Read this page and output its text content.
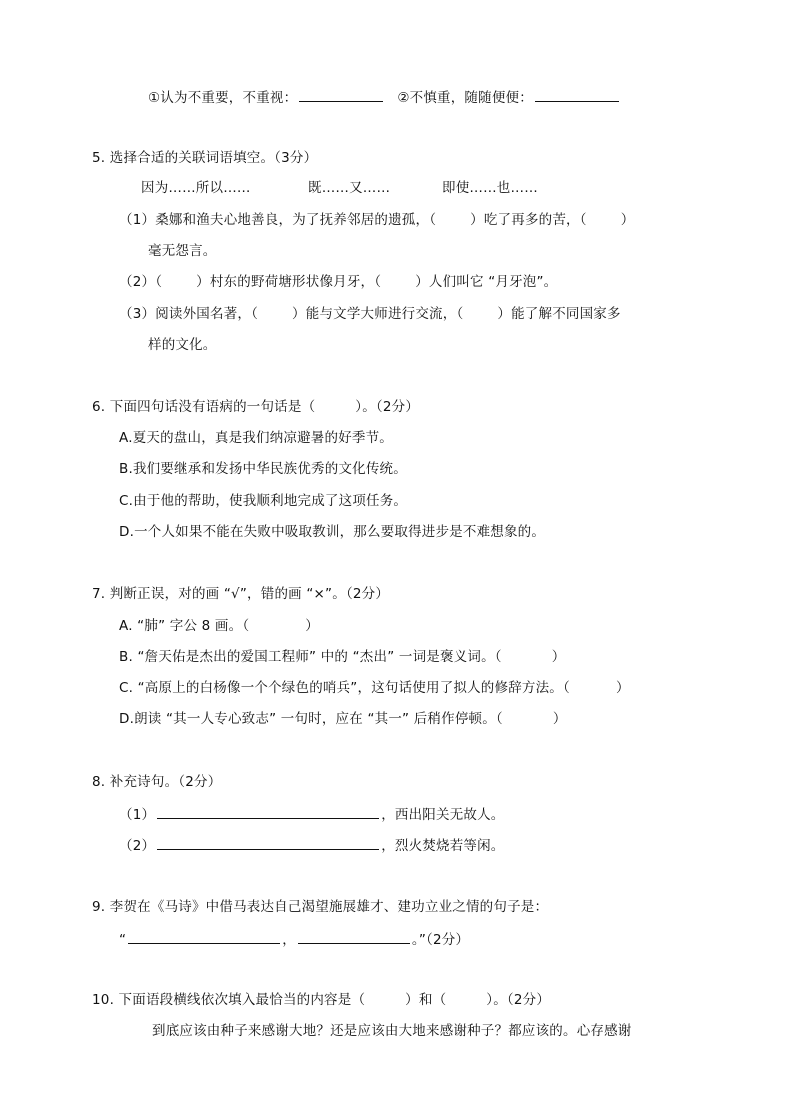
①认为不重要，不重视：	②不慎重，随随便便：
5. 选择合适的关联词语填空。（3分）
因为……所以……	既……又……	即使……也……
（1）桑娜和渔夫心地善良，为了抚养邻居的遗孤，（	）吃了再多的苦，（	）
毫无怨言。
（2）（	）村东的野荷塘形状像月牙，（	）人们叫它 “月牙泡”。
（3）阅读外国名著，（	）能与文学大师进行交流，（	）能了解不同国家多
样的文化。
6. 下面四句话没有语病的一句话是（	）。（2分）
A.夏天的盘山，真是我们纳凉避暑的好季节。
B.我们要继承和发扬中华民族优秀的文化传统。
C.由于他的帮助，使我顺利地完成了这项任务。
D.一个人如果不能在失败中吸取教训，那么要取得进步是不难想象的。
7. 判断正误，对的画 “√”，错的画 “×”。（2分）
A. “肺” 字公 8 画。（	）
B. “詹天佑是杰出的爱国工程师” 中的 “杰出” 一词是褒义词。（	）
C. “高原上的白杨像一个个绿色的哨兵”，这句话使用了拟人的修辞方法。（	）
D.朗读 “其一人专心致志” 一句时，应在 “其一” 后稍作停顿。（	）
8. 补充诗句。（2分）
（1）	，西出阳关无故人。
（2）	，烈火焚烧若等闲。
9. 李贺在《马诗》中借马表达自己渴望施展雄才、建功立业之情的句子是：
“	，	。”（2分）
10. 下面语段横线依次填入最恰当的内容是（	）和（	）。（2分）
到底应该由种子来感谢大地？还是应该由大地来感谢种子？都应该的。心存感谢
